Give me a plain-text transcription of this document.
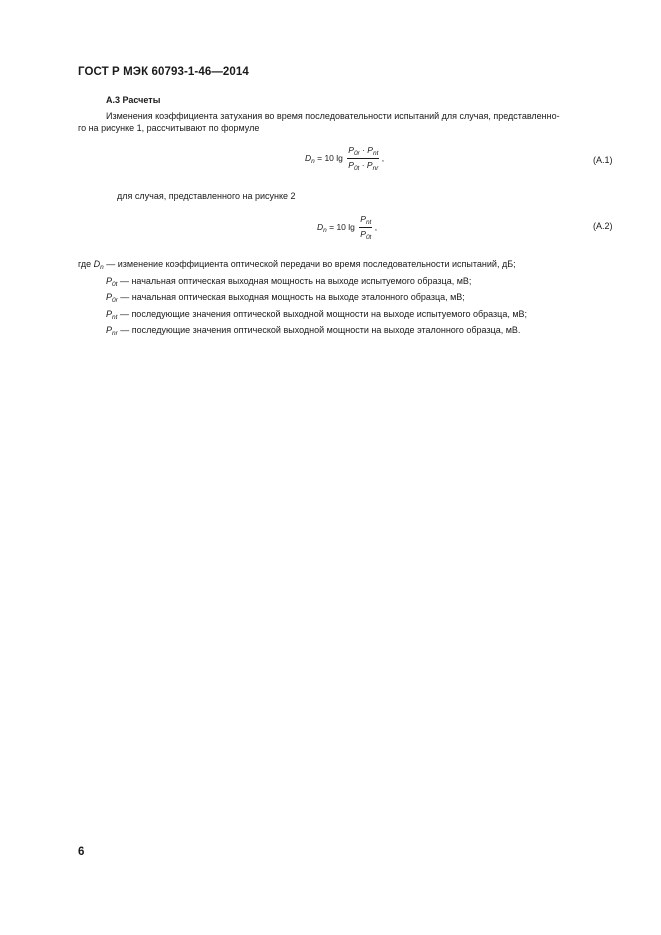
ГОСТ Р МЭК 60793-1-46—2014
А.3 Расчеты
Изменения коэффициента затухания во время последовательности испытаний для случая, представленно-
го на рисунке 1, рассчитывают по формуле
$D_n = 10$ $\lg \frac{P_{0r} \cdot P_{nt}}{P_{0t} \cdot P_{nr}}$ ,	(А.1)
для случая, представленного на рисунке 2
$D_n = 10$ $\lg \frac{P_{nt}}{P_{0t}}$ ,	(А.2)
где $D_n$ — изменение коэффициента оптической передачи во время последовательности испытаний, дБ;
$P_{0t}$ — начальная оптическая выходная мощность на выходе испытуемого образца, мВ;
$P_{0r}$ — начальная оптическая выходная мощность на выходе эталонного образца, мВ;
$P_{nt}$ — последующие значения оптической выходной мощности на выходе испытуемого образца, мВ;
$P_{nr}$ — последующие значения оптической выходной мощности на выходе эталонного образца, мВ.
6
